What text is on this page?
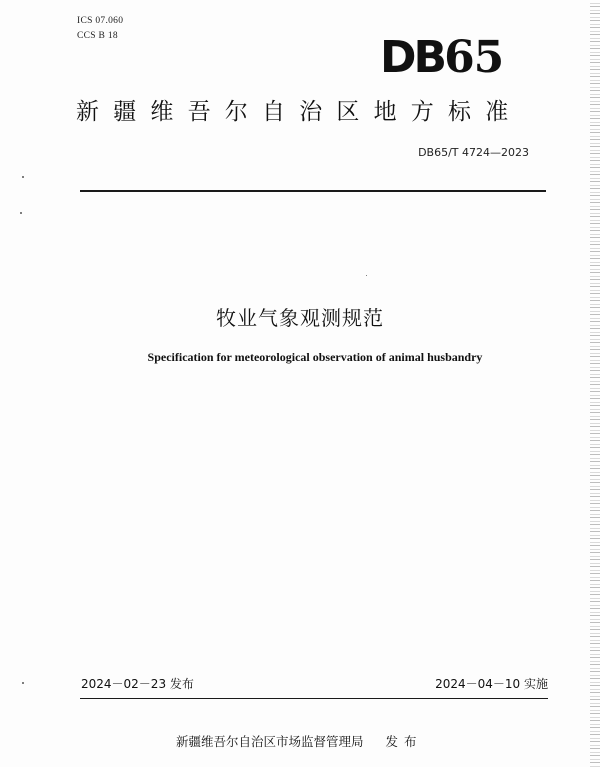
ICS 07.060
CCS B 18	DB65
新疆维吾尔自治区地方标准
DB65/T 4724—2023
牧业气象观测规范
Specification for meteorological observation of animal husbandry
2024－02－23 发布	2024－04－10 实施
新疆维吾尔自治区市场监督管理局 发布
